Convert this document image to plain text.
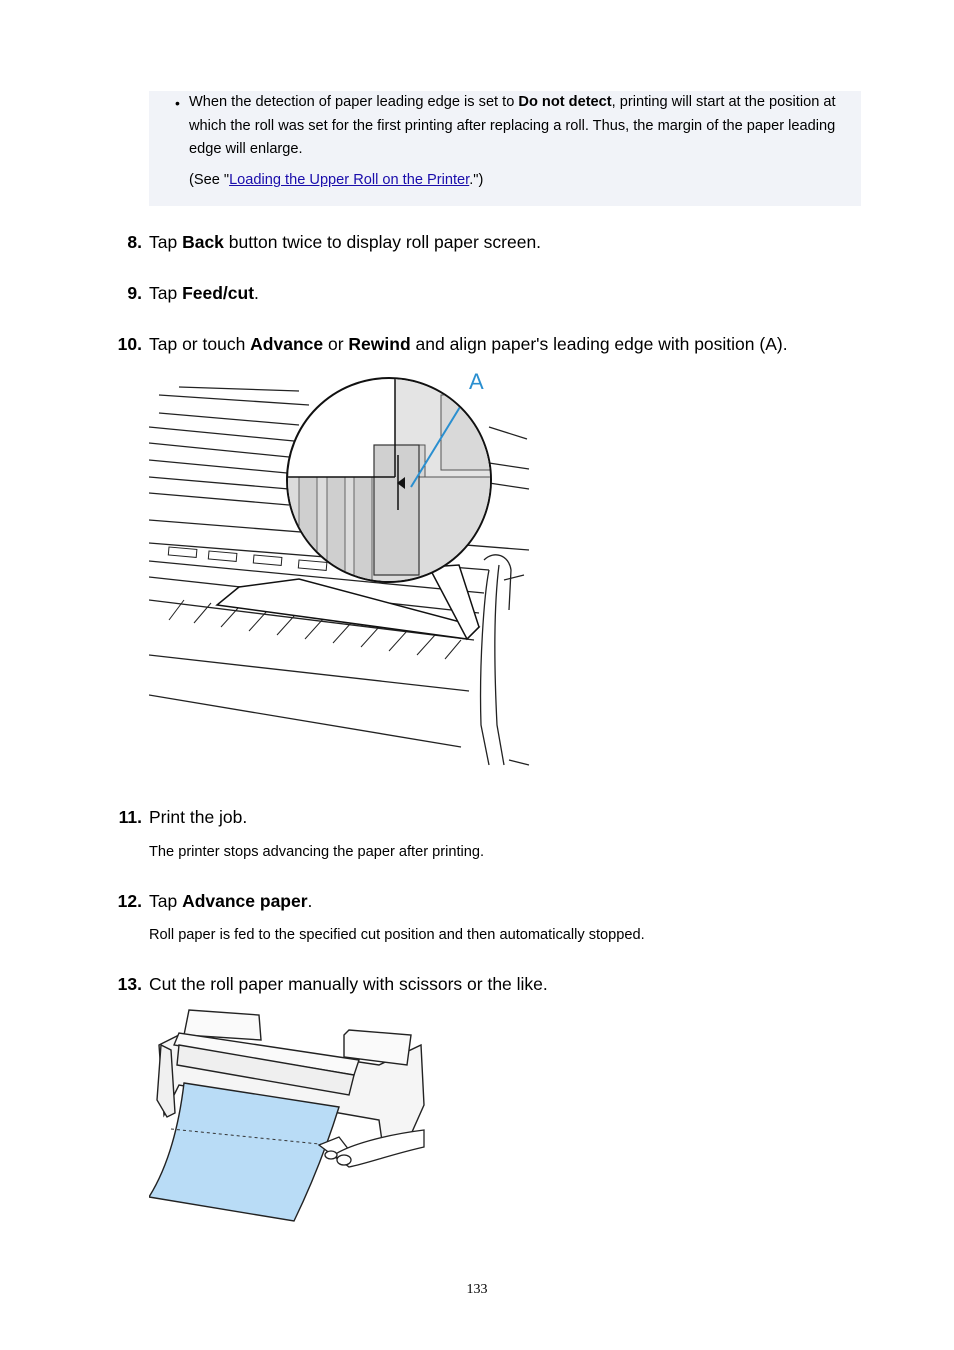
• When the detection of paper leading edge is set to Do not detect, printing will start at the position at which the roll was set for the first printing after replacing a roll. Thus, the margin of the paper leading edge will enlarge.
(See "Loading the Upper Roll on the Printer.")
8. Tap Back button twice to display roll paper screen.
9. Tap Feed/cut.
10. Tap or touch Advance or Rewind and align paper's leading edge with position (A).
A
11. Print the job.
The printer stops advancing the paper after printing.
12. Tap Advance paper.
Roll paper is fed to the specified cut position and then automatically stopped.
13. Cut the roll paper manually with scissors or the like.
133
